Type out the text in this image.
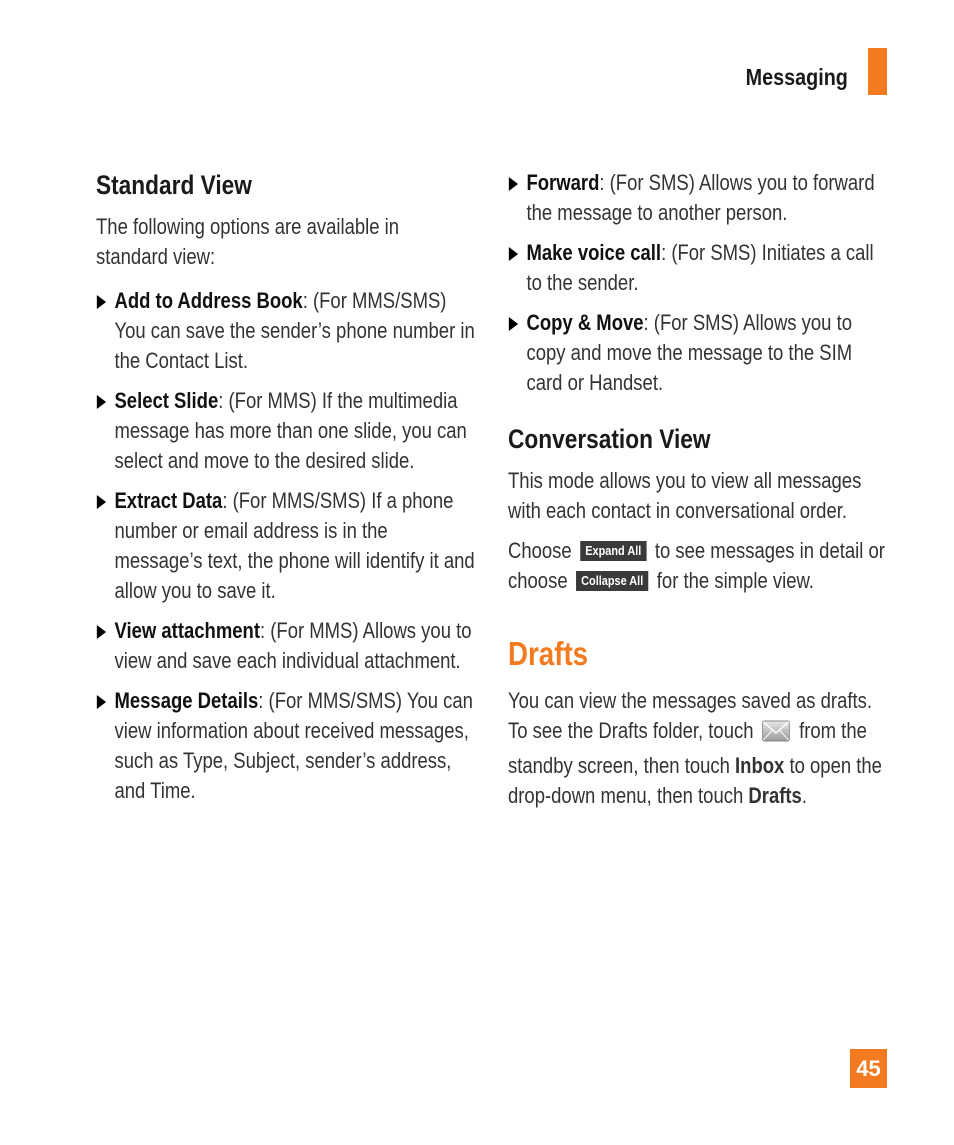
Messaging
Standard View

The following options are available in standard view:

Add to Address Book: (For MMS/SMS) You can save the sender’s phone number in the Contact List.
Select Slide: (For MMS) If the multimedia message has more than one slide, you can select and move to the desired slide.
Extract Data: (For MMS/SMS) If a phone number or email address is in the message’s text, the phone will identify it and allow you to save it.
View attachment: (For MMS) Allows you to view and save each individual attachment.
Message Details: (For MMS/SMS) You can view information about received messages, such as Type, Subject, sender’s address, and Time.
Forward: (For SMS) Allows you to forward the message to another person.
Make voice call: (For SMS) Initiates a call to the sender.
Copy & Move: (For SMS) Allows you to copy and move the message to the SIM card or Handset.
Conversation View

This mode allows you to view all messages with each contact in conversational order.

Choose Expand All to see messages in detail or choose Collapse All for the simple view.

Drafts

You can view the messages saved as drafts. To see the Drafts folder, touch from the standby screen, then touch Inbox to open the drop-down menu, then touch Drafts.

45
